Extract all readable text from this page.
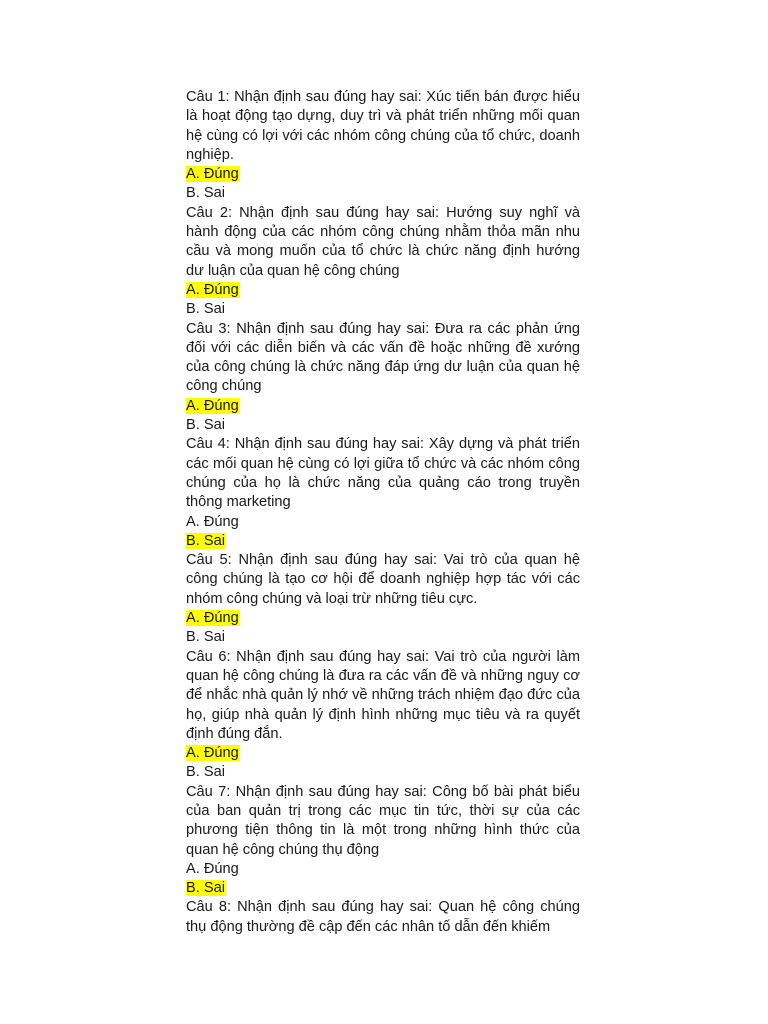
Câu 1: Nhận định sau đúng hay sai: Xúc tiến bán được hiểu là hoạt động tạo dựng, duy trì và phát triển những mối quan hệ cùng có lợi với các nhóm công chúng của tổ chức, doanh nghiệp.

A. Đúng

B. Sai

Câu 2: Nhận định sau đúng hay sai: Hướng suy nghĩ và hành động của các nhóm công chúng nhằm thỏa mãn nhu cầu và mong muốn của tổ chức là chức năng định hướng dư luận của quan hệ công chúng

A. Đúng

B. Sai

Câu 3: Nhận định sau đúng hay sai: Đưa ra các phản ứng đối với các diễn biến và các vấn đề hoặc những đề xướng của công chúng là chức năng đáp ứng dư luận của quan hệ công chúng

A. Đúng

B. Sai

Câu 4: Nhận định sau đúng hay sai: Xây dựng và phát triển các mối quan hệ cùng có lợi giữa tổ chức và các nhóm công chúng của họ là chức năng của quảng cáo trong truyền thông marketing

A. Đúng

B. Sai

Câu 5: Nhận định sau đúng hay sai: Vai trò của quan hệ công chúng là tạo cơ hội để doanh nghiệp hợp tác với các nhóm công chúng và loại trừ những tiêu cực.

A. Đúng

B. Sai

Câu 6: Nhận định sau đúng hay sai: Vai trò của người làm quan hệ công chúng là đưa ra các vấn đề và những nguy cơ để nhắc nhà quản lý nhớ về những trách nhiệm đạo đức của họ, giúp nhà quản lý định hình những mục tiêu và ra quyết định đúng đắn.

A. Đúng

B. Sai

Câu 7: Nhận định sau đúng hay sai: Công bố bài phát biểu của ban quản trị trong các mục tin tức, thời sự của các phương tiện thông tin là một trong những hình thức của quan hệ công chúng thụ động

A. Đúng

B. Sai

Câu 8: Nhận định sau đúng hay sai: Quan hệ công chúng thụ động thường đề cập đến các nhân tố dẫn đến khiếm
